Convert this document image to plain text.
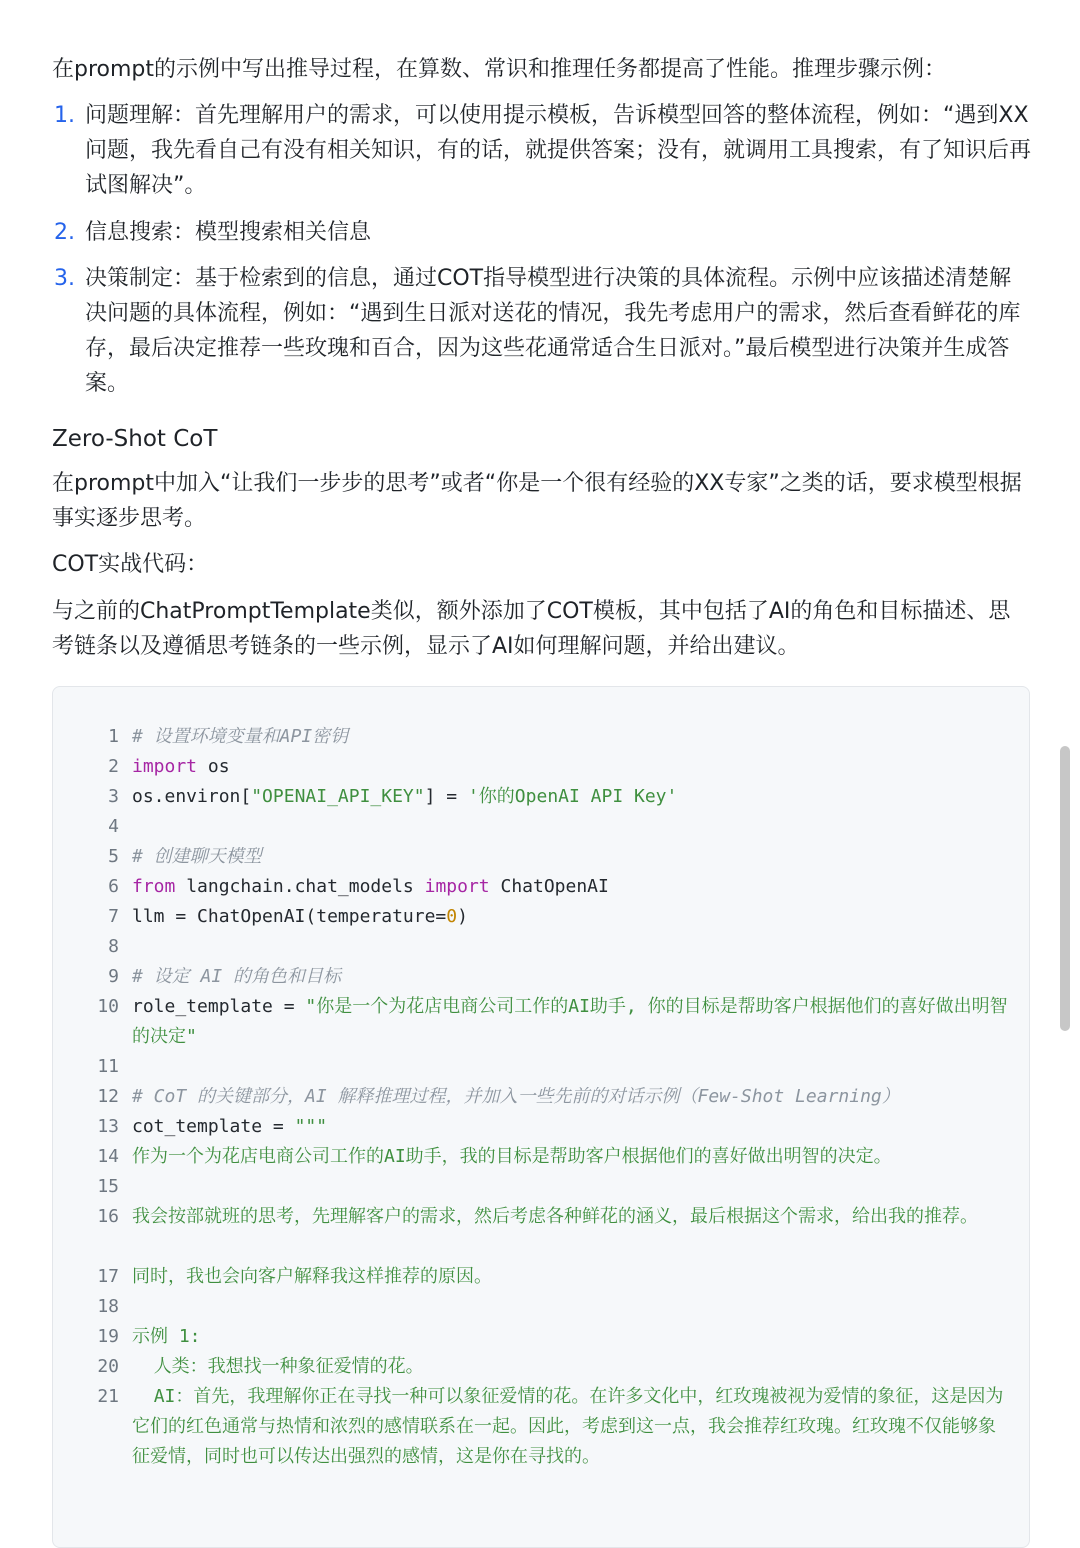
在prompt的示例中写出推导过程，在算数、常识和推理任务都提高了性能。推理步骤示例：

1. 问题理解：首先理解用户的需求，可以使用提示模板，告诉模型回答的整体流程，例如：“遇到XX问题，我先看自己有没有相关知识，有的话，就提供答案；没有，就调用工具搜索，有了知识后再试图解决”。

2. 信息搜索：模型搜索相关信息

3. 决策制定：基于检索到的信息，通过COT指导模型进行决策的具体流程。示例中应该描述清楚解决问题的具体流程，例如：“遇到生日派对送花的情况，我先考虑用户的需求，然后查看鲜花的库存，最后决定推荐一些玫瑰和百合，因为这些花通常适合生日派对。”最后模型进行决策并生成答案。

Zero-Shot CoT

在prompt中加入“让我们一步步的思考”或者“你是一个很有经验的XX专家”之类的话，要求模型根据事实逐步思考。

COT实战代码：

与之前的ChatPromptTemplate类似，额外添加了COT模板，其中包括了AI的角色和目标描述、思考链条以及遵循思考链条的一些示例，显示了AI如何理解问题，并给出建议。

1 # 设置环境变量和API密钥
2 import os
3 os.environ["OPENAI_API_KEY"] = '你的OpenAI API Key'
4
5 # 创建聊天模型
6 from langchain.chat_models import ChatOpenAI
7 llm = ChatOpenAI(temperature=0)
8
9 # 设定 AI 的角色和目标
10 role_template = "你是一个为花店电商公司工作的AI助手, 你的目标是帮助客户根据他们的喜好做出明智的决定"
11
12 # CoT 的关键部分，AI 解释推理过程，并加入一些先前的对话示例（Few-Shot Learning）
13 cot_template = """
14 作为一个为花店电商公司工作的AI助手，我的目标是帮助客户根据他们的喜好做出明智的决定。
15
16 我会按部就班的思考，先理解客户的需求，然后考虑各种鲜花的涵义，最后根据这个需求，给出我的推荐。
17 同时，我也会向客户解释我这样推荐的原因。
18
19 示例 1:
20 人类：我想找一种象征爱情的花。
21 AI：首先，我理解你正在寻找一种可以象征爱情的花。在许多文化中，红玫瑰被视为爱情的象征，这是因为它们的红色通常与热情和浓烈的感情联系在一起。因此，考虑到这一点，我会推荐红玫瑰。红玫瑰不仅能够象征爱情，同时也可以传达出强烈的感情，这是你在寻找的。
